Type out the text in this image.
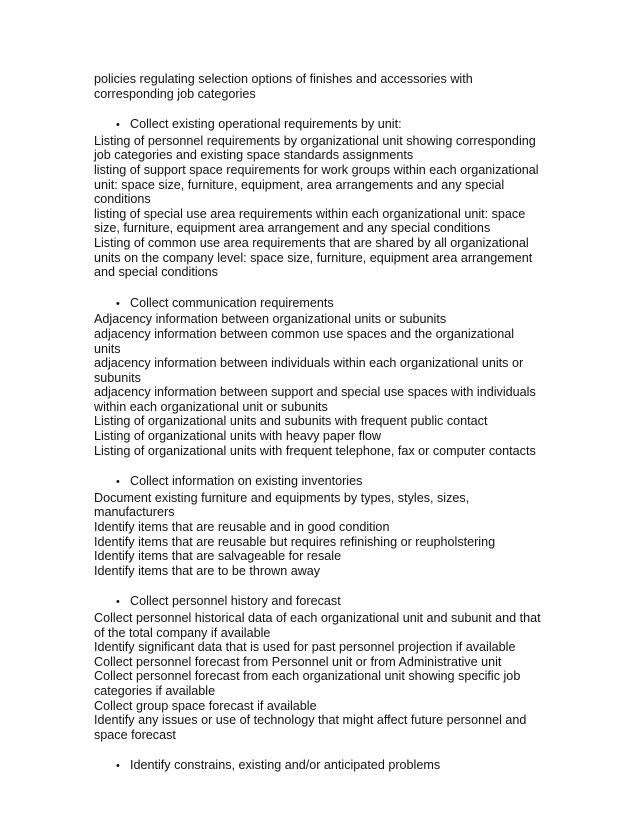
policies regulating selection options of finishes and accessories with corresponding job categories

• Collect existing operational requirements by unit:

Listing of personnel requirements by organizational unit showing corresponding job categories and existing space standards assignments

listing of support space requirements for work groups within each organizational unit: space size, furniture, equipment, area arrangements and any special conditions

listing of special use area requirements within each organizational unit: space size, furniture, equipment area arrangement and any special conditions

Listing of common use area requirements that are shared by all organizational units on the company level: space size, furniture, equipment area arrangement and special conditions

• Collect communication requirements

Adjacency information between organizational units or subunits

adjacency information between common use spaces and the organizational units

adjacency information between individuals within each organizational units or subunits

adjacency information between support and special use spaces with individuals within each organizational unit or subunits

Listing of organizational units and subunits with frequent public contact

Listing of organizational units with heavy paper flow

Listing of organizational units with frequent telephone, fax or computer contacts

• Collect information on existing inventories

Document existing furniture and equipments by types, styles, sizes, manufacturers

Identify items that are reusable and in good condition

Identify items that are reusable but requires refinishing or reupholstering

Identify items that are salvageable for resale

Identify items that are to be thrown away

• Collect personnel history and forecast

Collect personnel historical data of each organizational unit and subunit and that of the total company if available

Identify significant data that is used for past personnel projection if available

Collect personnel forecast from Personnel unit or from Administrative unit

Collect personnel forecast from each organizational unit showing specific job categories if available

Collect group space forecast if available

Identify any issues or use of technology that might affect future personnel and space forecast

• Identify constrains, existing and/or anticipated problems
